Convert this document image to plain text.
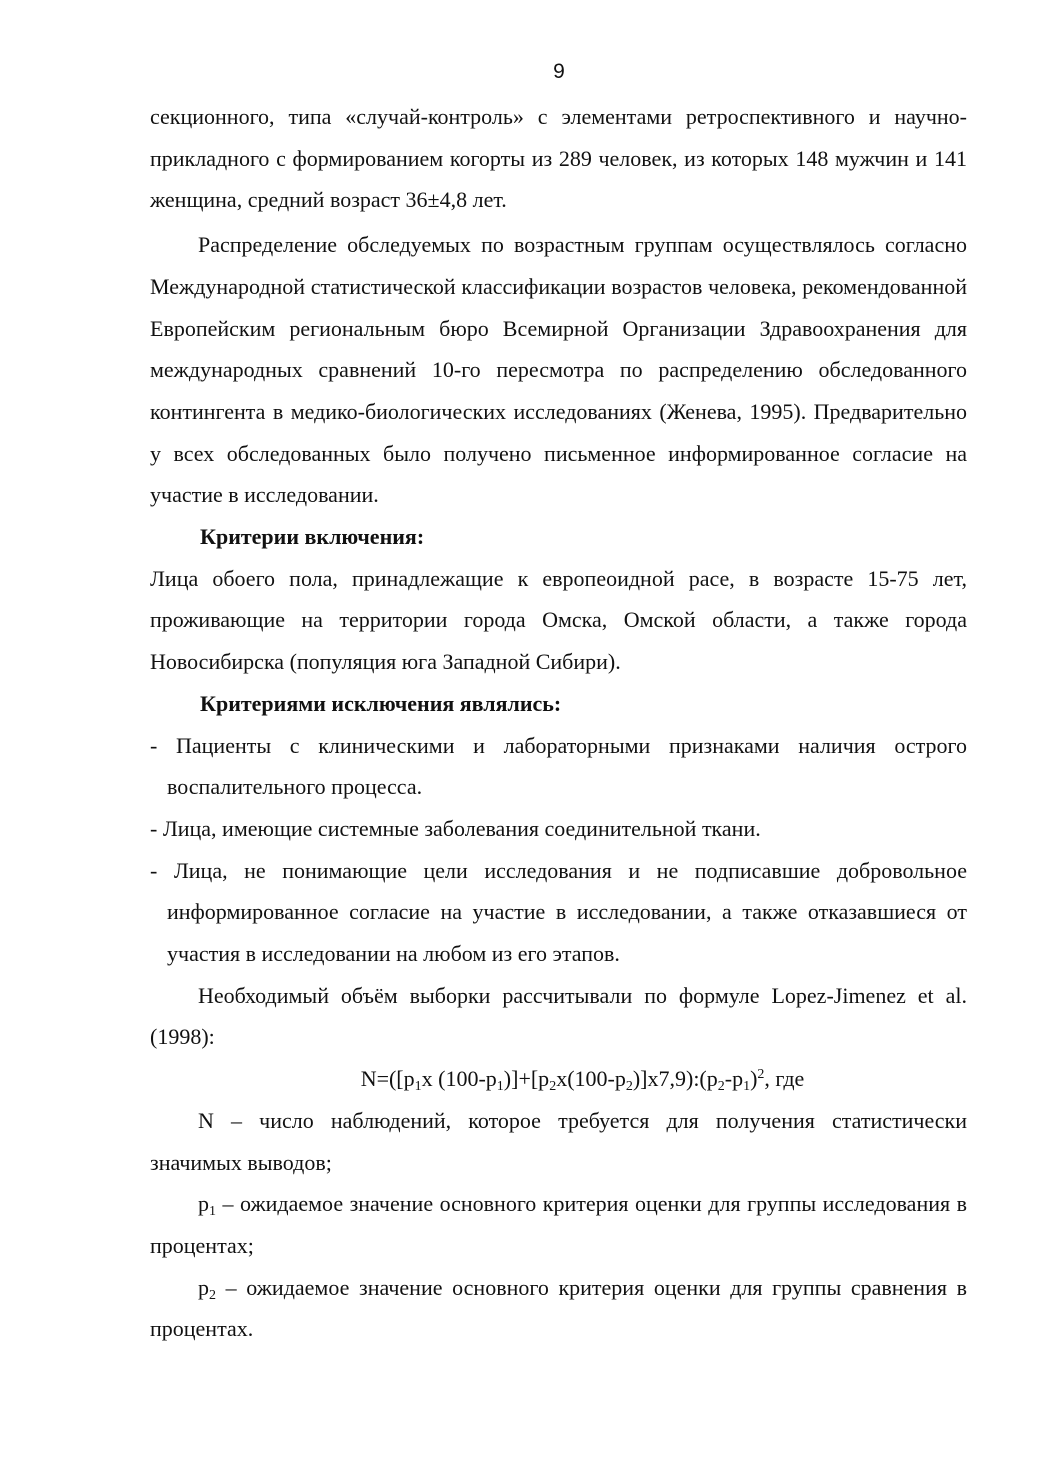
9

секционного, типа «случай-контроль» с элементами ретроспективного и научно-прикладного с формированием когорты из 289 человек, из которых 148 мужчин и 141 женщина, средний возраст 36±4,8 лет.

Распределение обследуемых по возрастным группам осуществлялось согласно Международной статистической классификации возрастов человека, рекомендованной Европейским региональным бюро Всемирной Организации Здравоохранения для международных сравнений 10-го пересмотра по распределению обследованного контингента в медико-биологических исследованиях (Женева, 1995). Предварительно у всех обследованных было получено письменное информированное согласие на участие в исследовании.

Критерии включения:

Лица обоего пола, принадлежащие к европеоидной расе, в возрасте 15-75 лет, проживающие на территории города Омска, Омской области, а также города Новосибирска (популяция юга Западной Сибири).

Критериями исключения являлись:

- Пациенты с клиническими и лабораторными признаками наличия острого воспалительного процесса.
- Лица, имеющие системные заболевания соединительной ткани.
- Лица, не понимающие цели исследования и не подписавшие добровольное информированное согласие на участие в исследовании, а также отказавшиеся от участия в исследовании на любом из его этапов.

Необходимый объём выборки рассчитывали по формуле Lopez-Jimenez et al. (1998):

$N=([p_1x$ $(100-p_1)]+[p_2x(100-p_2)]x7,9):(p_2-p_1)^2$, где

N – число наблюдений, которое требуется для получения статистически значимых выводов;

$p_1$ – ожидаемое значение основного критерия оценки для группы исследования в процентах;

$p_2$ – ожидаемое значение основного критерия оценки для группы сравнения в процентах.
